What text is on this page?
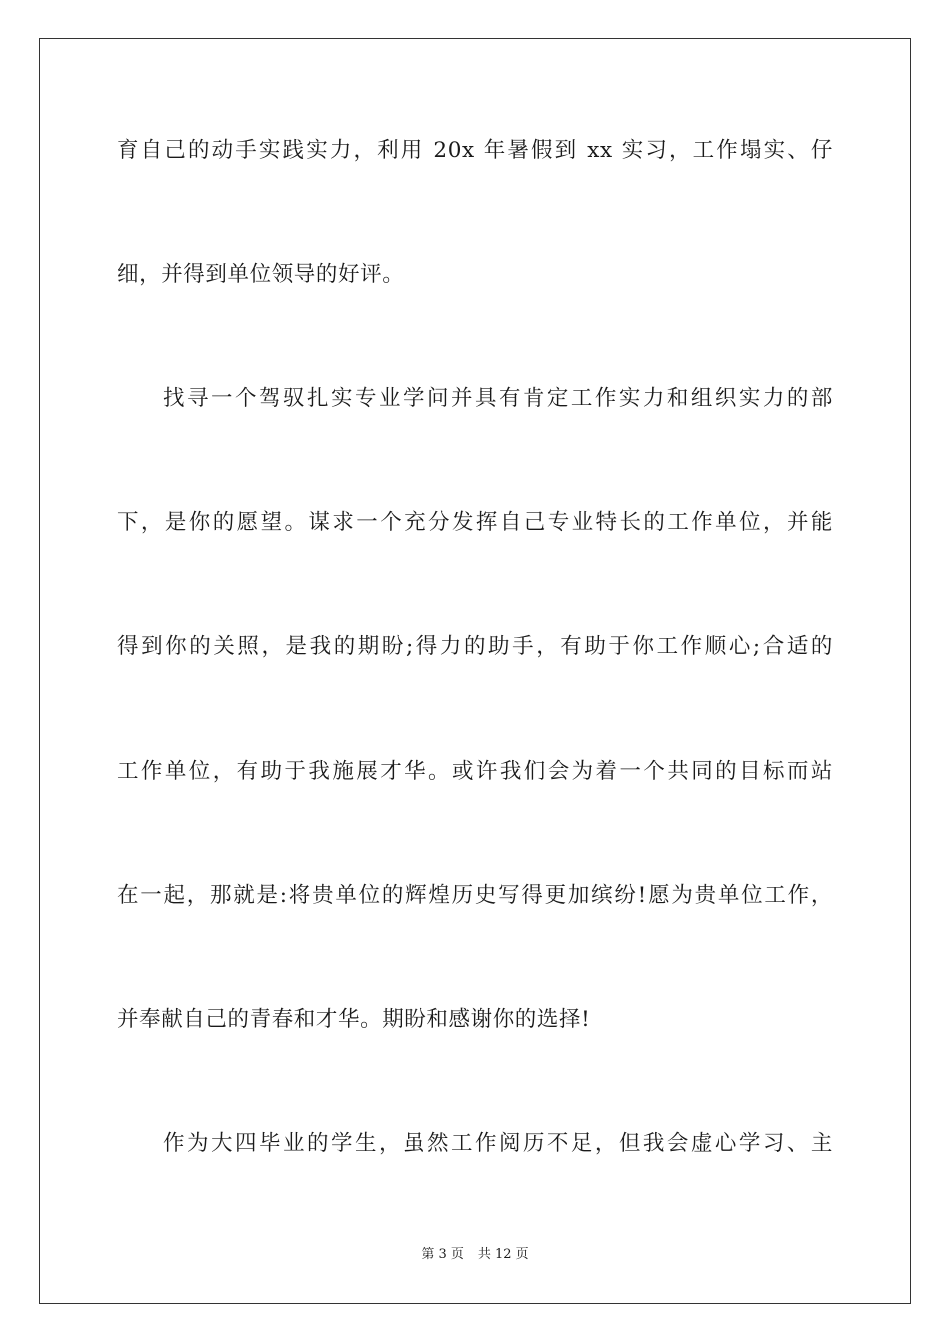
育自己的动手实践实力，利用 20x 年暑假到 xx 实习，工作塌实、仔
细，并得到单位领导的好评。
找寻一个驾驭扎实专业学问并具有肯定工作实力和组织实力的部
下，是你的愿望。谋求一个充分发挥自己专业特长的工作单位，并能
得到你的关照，是我的期盼;得力的助手，有助于你工作顺心;合适的
工作单位，有助于我施展才华。或许我们会为着一个共同的目标而站
在一起，那就是:将贵单位的辉煌历史写得更加缤纷!愿为贵单位工作，
并奉献自己的青春和才华。期盼和感谢你的选择!
作为大四毕业的学生，虽然工作阅历不足，但我会虚心学习、主
第 3 页 共 12 页
